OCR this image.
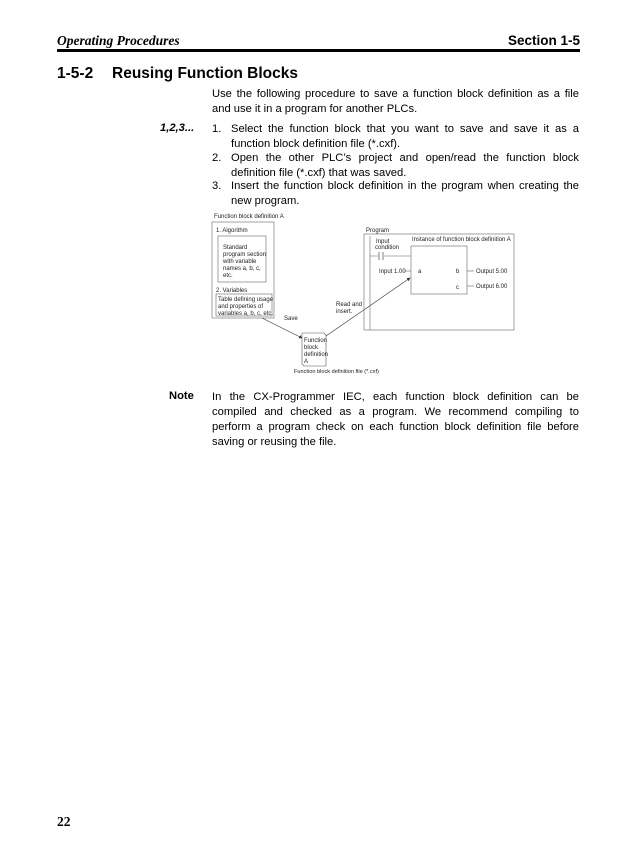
Operating Procedures	Section 1-5
1-5-2 Reusing Function Blocks
Use the following procedure to save a function block definition as a file and use it in a program for another PLCs.
1,2,3... 1. Select the function block that you want to save and save it as a function block definition file (*.cxf).
2. Open the other PLC’s project and open/read the function block definition file (*.cxf) that was saved.
3. Insert the function block definition in the program when creating the new program.
Function block definition A
1. Algorithm
Standard
program section
with variable
names a, b, c,
etc.
2. Variables
Table defining usage
and properties of
variables a, b, c, etc.
Save
Function
block
definition
A
Function block definition file (*.cxf)
Read and
insert.
Program
Input
condition
Instance of function block definition A
Input 1.00 a	b
c
Output 5.00
Output 6.00
Note In the CX-Programmer IEC, each function block definition can be compiled and checked as a program. We recommend compiling to perform a program check on each function block definition file before saving or reusing the file.
22
